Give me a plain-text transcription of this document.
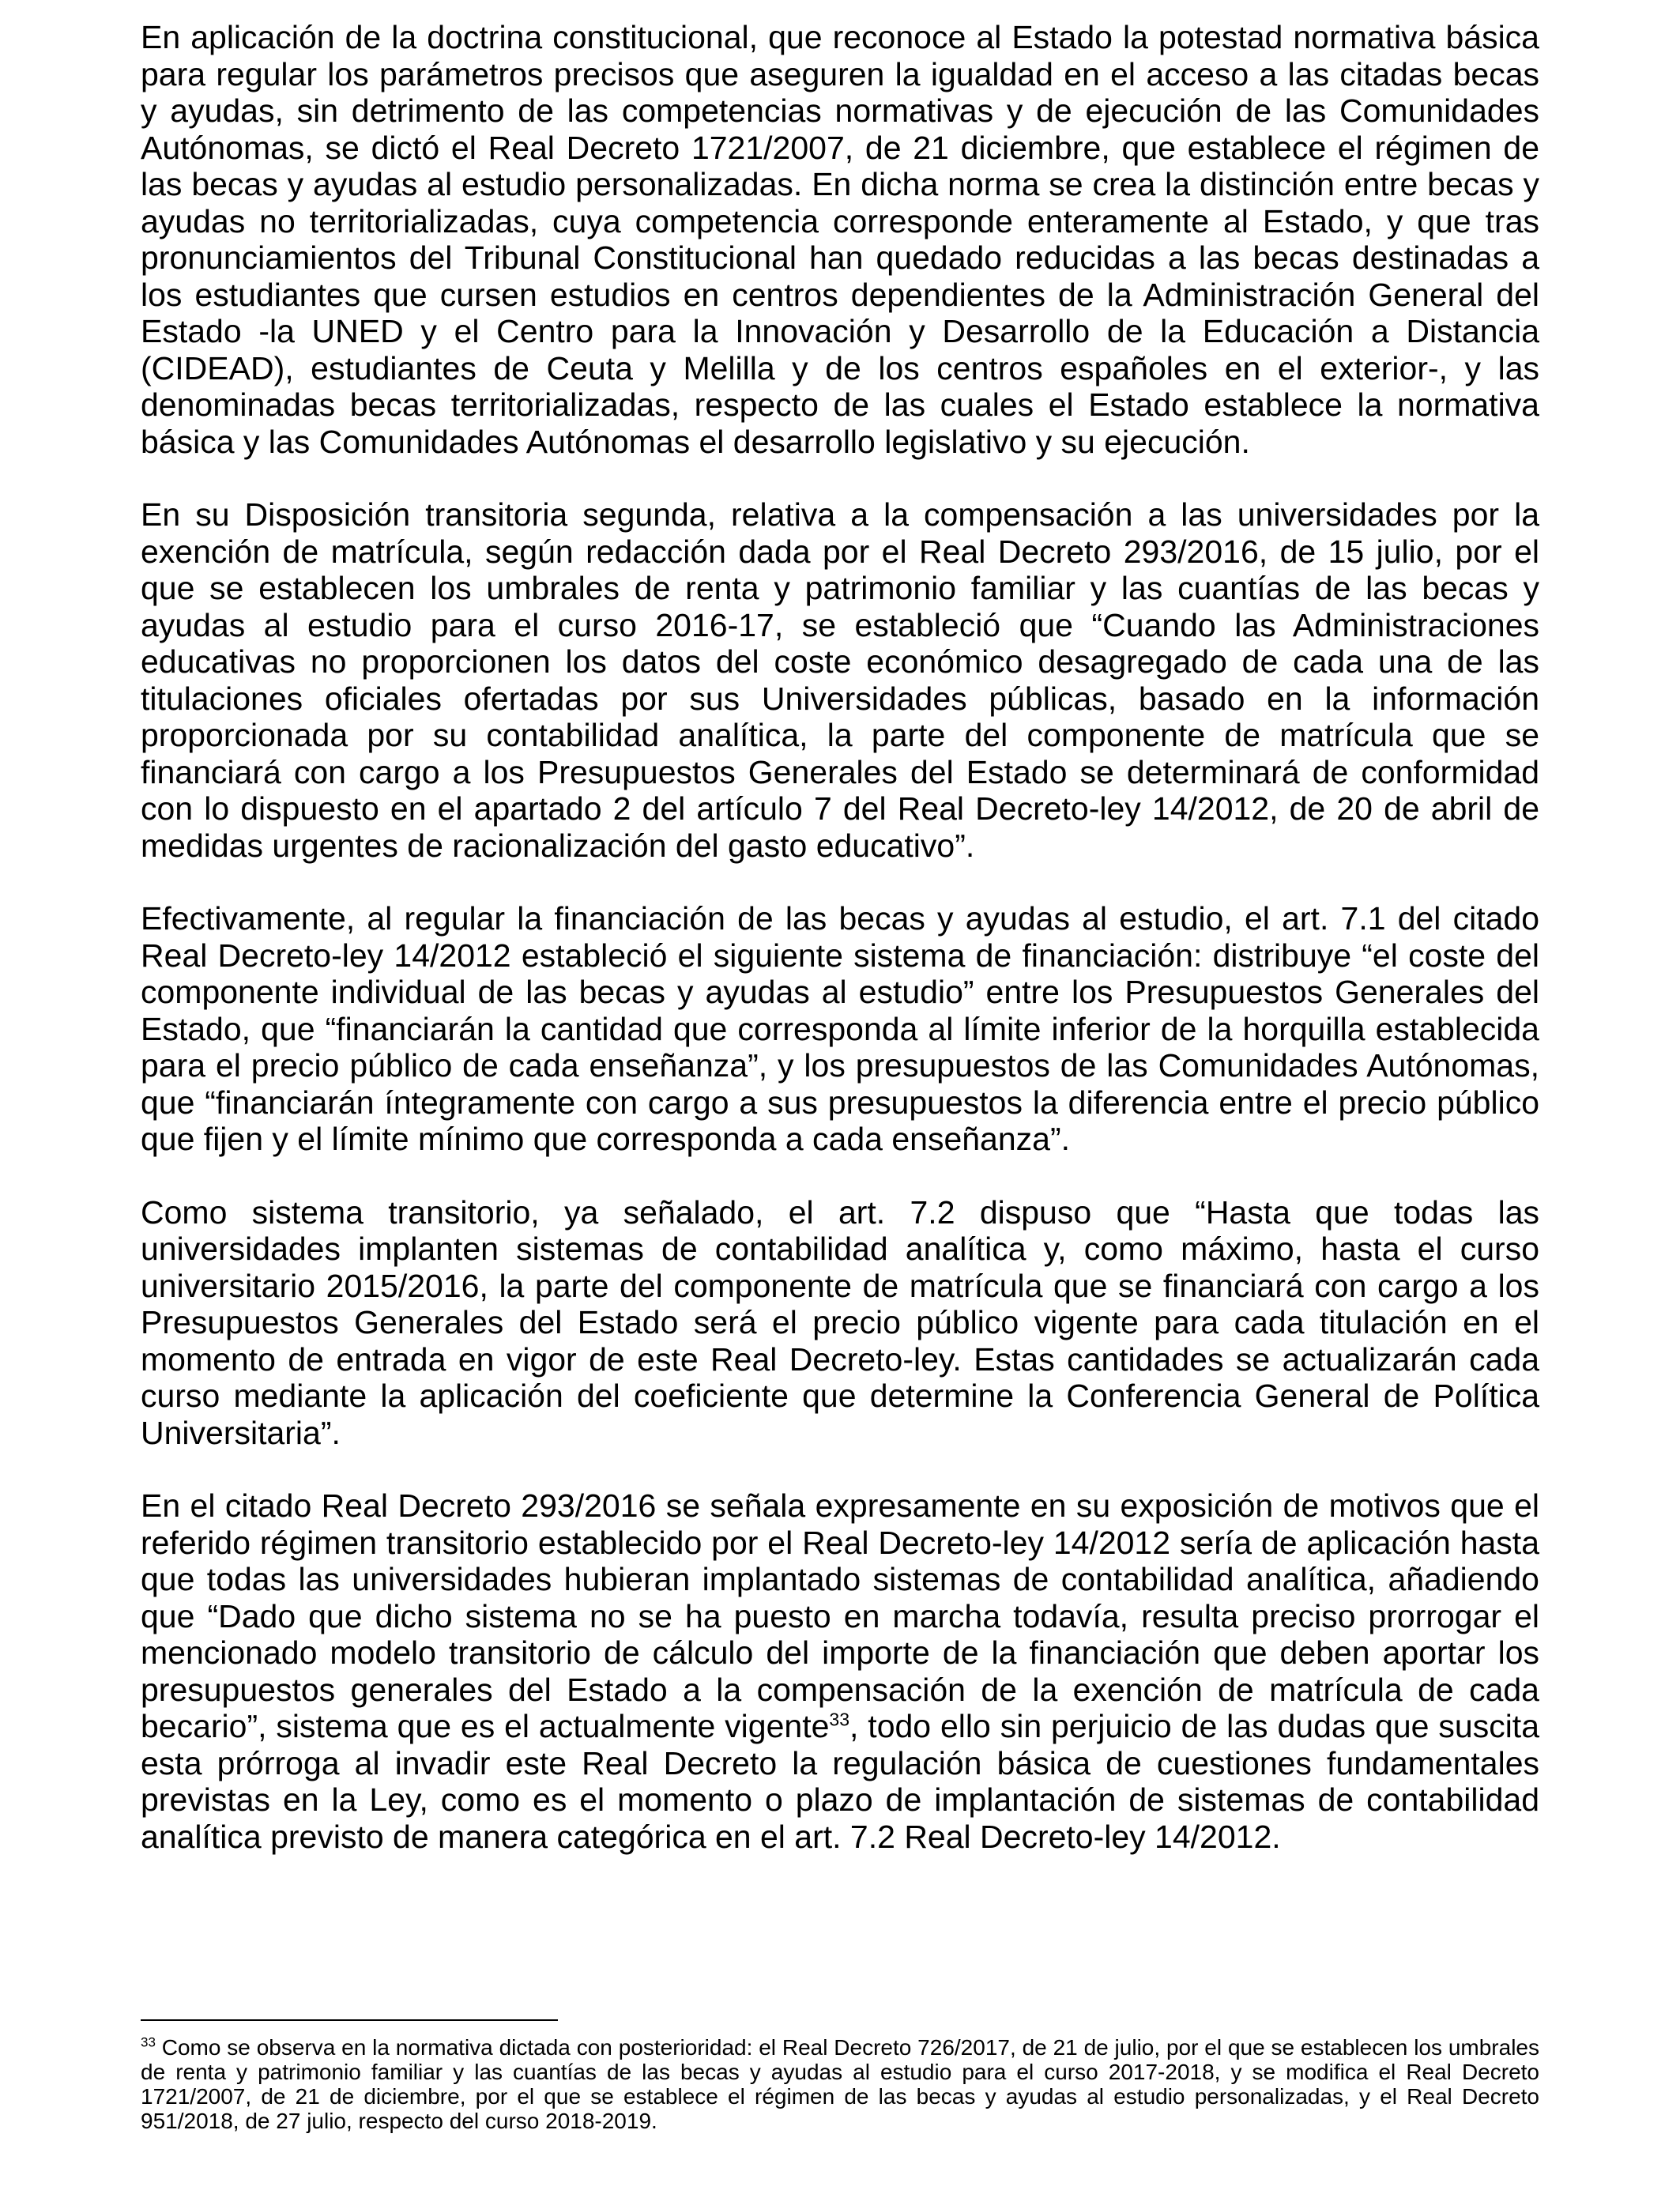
En aplicación de la doctrina constitucional, que reconoce al Estado la potestad normativa básica para regular los parámetros precisos que aseguren la igualdad en el acceso a las citadas becas y ayudas, sin detrimento de las competencias normativas y de ejecución de las Comunidades Autónomas, se dictó el Real Decreto 1721/2007, de 21 diciembre, que establece el régimen de las becas y ayudas al estudio personalizadas. En dicha norma se crea la distinción entre becas y ayudas no territorializadas, cuya competencia corresponde enteramente al Estado, y que tras pronunciamientos del Tribunal Constitucional han quedado reducidas a las becas destinadas a los estudiantes que cursen estudios en centros dependientes de la Administración General del Estado -la UNED y el Centro para la Innovación y Desarrollo de la Educación a Distancia (CIDEAD), estudiantes de Ceuta y Melilla y de los centros españoles en el exterior-, y las denominadas becas territorializadas, respecto de las cuales el Estado establece la normativa básica y las Comunidades Autónomas el desarrollo legislativo y su ejecución.

En su Disposición transitoria segunda, relativa a la compensación a las universidades por la exención de matrícula, según redacción dada por el Real Decreto 293/2016, de 15 julio, por el que se establecen los umbrales de renta y patrimonio familiar y las cuantías de las becas y ayudas al estudio para el curso 2016-17, se estableció que “Cuando las Administraciones educativas no proporcionen los datos del coste económico desagregado de cada una de las titulaciones oficiales ofertadas por sus Universidades públicas, basado en la información proporcionada por su contabilidad analítica, la parte del componente de matrícula que se financiará con cargo a los Presupuestos Generales del Estado se determinará de conformidad con lo dispuesto en el apartado 2 del artículo 7 del Real Decreto-ley 14/2012, de 20 de abril de medidas urgentes de racionalización del gasto educativo”.

Efectivamente, al regular la financiación de las becas y ayudas al estudio, el art. 7.1 del citado Real Decreto-ley 14/2012 estableció el siguiente sistema de financiación: distribuye “el coste del componente individual de las becas y ayudas al estudio” entre los Presupuestos Generales del Estado, que “financiarán la cantidad que corresponda al límite inferior de la horquilla establecida para el precio público de cada enseñanza”, y los presupuestos de las Comunidades Autónomas, que “financiarán íntegramente con cargo a sus presupuestos la diferencia entre el precio público que fijen y el límite mínimo que corresponda a cada enseñanza”.

Como sistema transitorio, ya señalado, el art. 7.2 dispuso que “Hasta que todas las universidades implanten sistemas de contabilidad analítica y, como máximo, hasta el curso universitario 2015/2016, la parte del componente de matrícula que se financiará con cargo a los Presupuestos Generales del Estado será el precio público vigente para cada titulación en el momento de entrada en vigor de este Real Decreto-ley. Estas cantidades se actualizarán cada curso mediante la aplicación del coeficiente que determine la Conferencia General de Política Universitaria”.

En el citado Real Decreto 293/2016 se señala expresamente en su exposición de motivos que el referido régimen transitorio establecido por el Real Decreto-ley 14/2012 sería de aplicación hasta que todas las universidades hubieran implantado sistemas de contabilidad analítica, añadiendo que “Dado que dicho sistema no se ha puesto en marcha todavía, resulta preciso prorrogar el mencionado modelo transitorio de cálculo del importe de la financiación que deben aportar los presupuestos generales del Estado a la compensación de la exención de matrícula de cada becario”, sistema que es el actualmente vigente$^{33}$, todo ello sin perjuicio de las dudas que suscita esta prórroga al invadir este Real Decreto la regulación básica de cuestiones fundamentales previstas en la Ley, como es el momento o plazo de implantación de sistemas de contabilidad analítica previsto de manera categórica en el art. 7.2 Real Decreto-ley 14/2012.

$^{33}$ Como se observa en la normativa dictada con posterioridad: el Real Decreto 726/2017, de 21 de julio, por el que se establecen los umbrales de renta y patrimonio familiar y las cuantías de las becas y ayudas al estudio para el curso 2017-2018, y se modifica el Real Decreto 1721/2007, de 21 de diciembre, por el que se establece el régimen de las becas y ayudas al estudio personalizadas, y el Real Decreto 951/2018, de 27 julio, respecto del curso 2018-2019.
